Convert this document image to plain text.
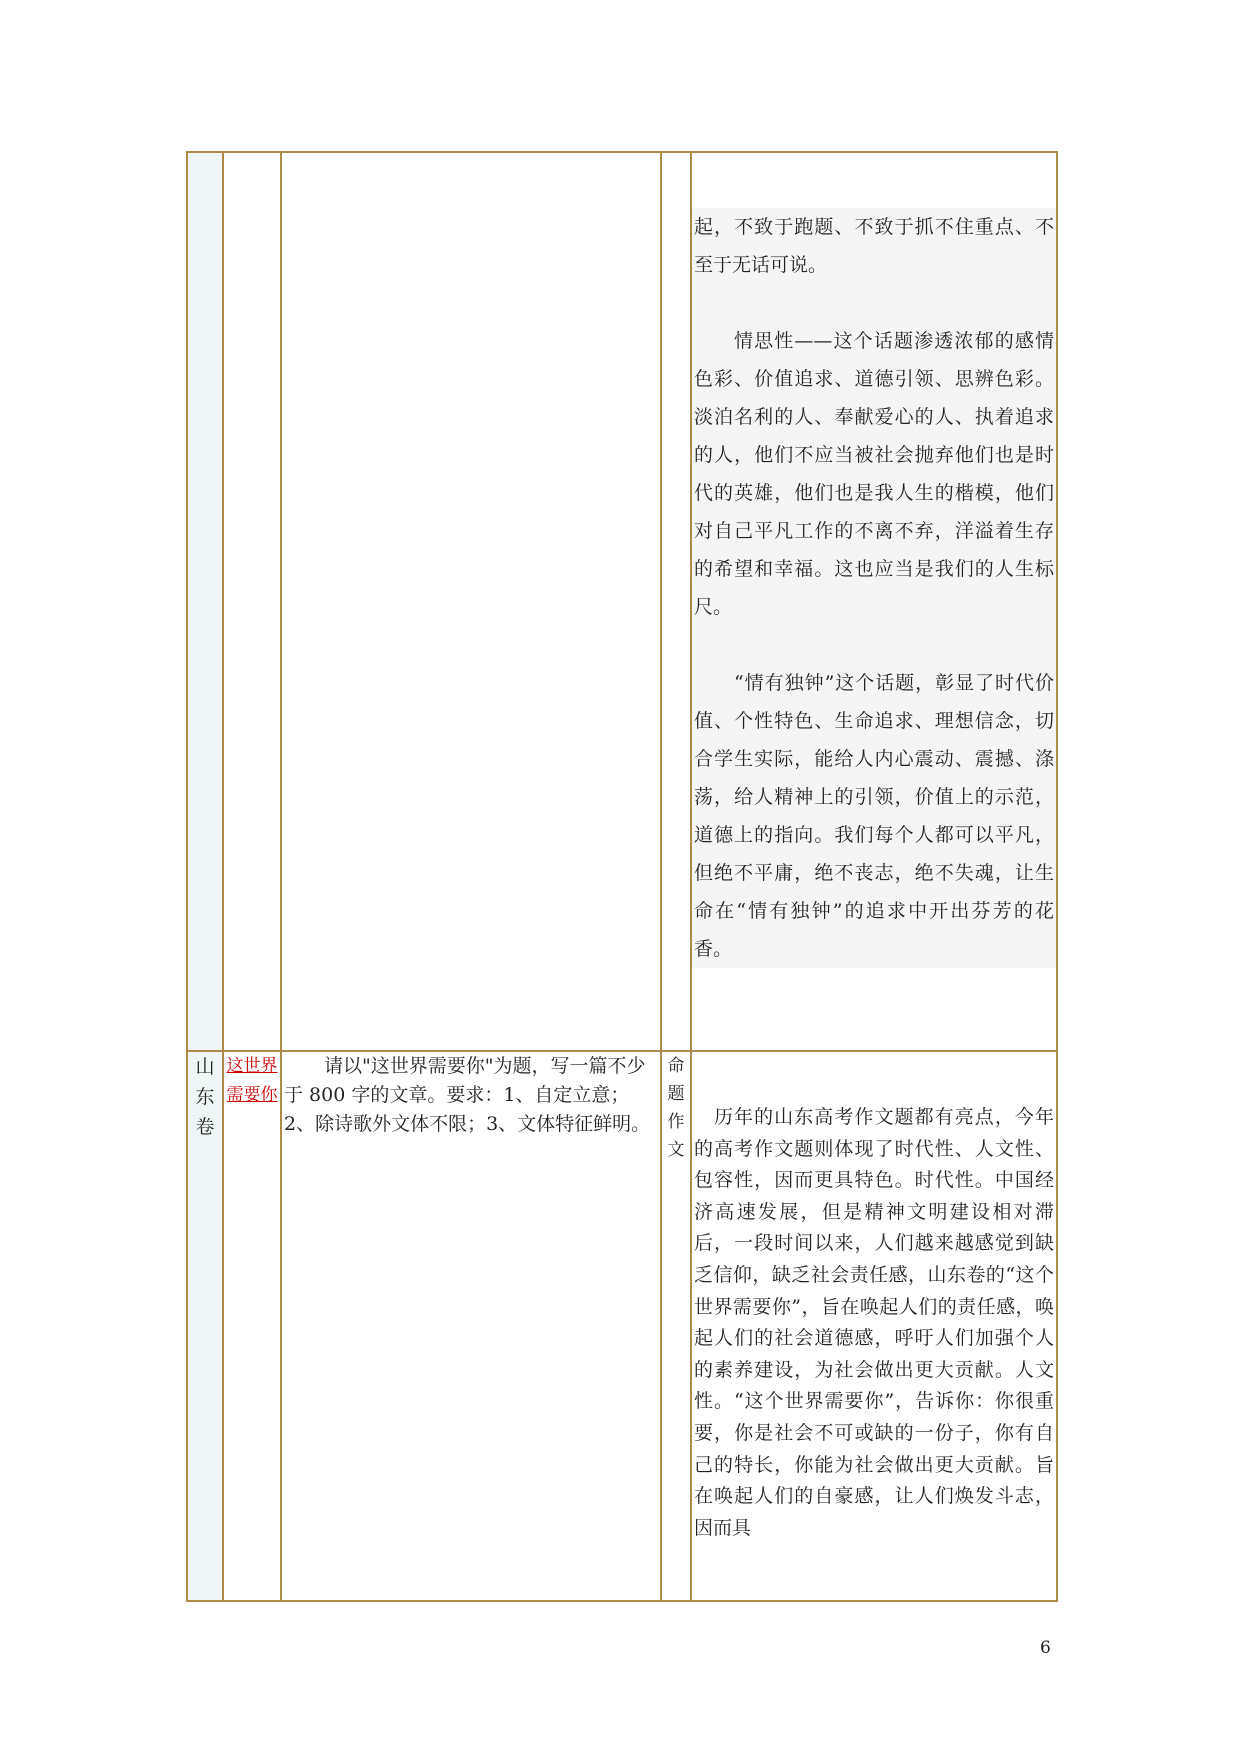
				起，不致于跑题、不致于抓不住重点、不至于无话可说。

情思性——这个话题渗透浓郁的感情色彩、价值追求、道德引领、思辨色彩。淡泊名利的人、奉献爱心的人、执着追求的人，他们不应当被社会抛弃他们也是时代的英雄，他们也是我人生的楷模，他们对自己平凡工作的不离不弃，洋溢着生存的希望和幸福。这也应当是我们的人生标尺。

“情有独钟”这个话题，彰显了时代价值、个性特色、生命追求、理想信念，切合学生实际，能给人内心震动、震撼、涤荡，给人精神上的引领，价值上的示范，道德上的指向。我们每个人都可以平凡，但绝不平庸，绝不丧志，绝不失魂，让生命在“情有独钟”的追求中开出芬芳的花香。

山东卷	这世界需要你	请以"这世界需要你"为题，写一篇不少于 800 字的文章。要求：1、自定立意；2、除诗歌外文体不限；3、文体特征鲜明。	命题作文	历年的山东高考作文题都有亮点，今年的高考作文题则体现了时代性、人文性、包容性，因而更具特色。时代性。中国经济高速发展，但是精神文明建设相对滞后，一段时间以来，人们越来越感觉到缺乏信仰，缺乏社会责任感，山东卷的“这个世界需要你”，旨在唤起人们的责任感，唤起人们的社会道德感，呼吁人们加强个人的素养建设，为社会做出更大贡献。人文性。“这个世界需要你”，告诉你：你很重要，你是社会不可或缺的一份子，你有自己的特长，你能为社会做出更大贡献。旨在唤起人们的自豪感，让人们焕发斗志，因而具

6
